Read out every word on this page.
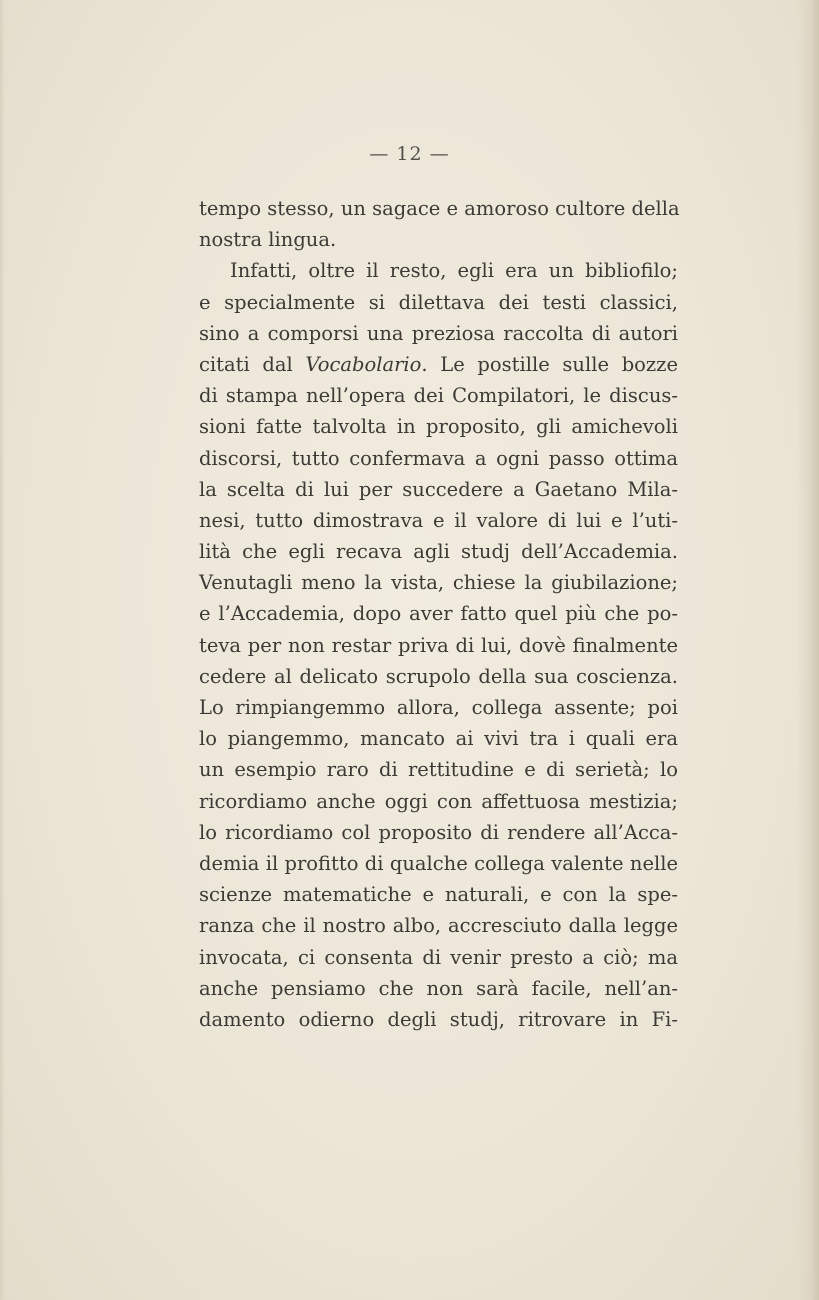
— 12 —
tempo stesso, un sagace e amoroso cultore della
nostra lingua.
Infatti, oltre il resto, egli era un bibliofilo;
e specialmente si dilettava dei testi classici,
sino a comporsi una preziosa raccolta di autori
citati dal Vocabolario. Le postille sulle bozze
di stampa nell’opera dei Compilatori, le discus-
sioni fatte talvolta in proposito, gli amichevoli
discorsi, tutto confermava a ogni passo ottima
la scelta di lui per succedere a Gaetano Mila-
nesi, tutto dimostrava e il valore di lui e l’uti-
lità che egli recava agli studj dell’Accademia.
Venutagli meno la vista, chiese la giubilazione;
e l’Accademia, dopo aver fatto quel più che po-
teva per non restar priva di lui, dovè finalmente
cedere al delicato scrupolo della sua coscienza.
Lo rimpiangemmo allora, collega assente; poi
lo piangemmo, mancato ai vivi tra i quali era
un esempio raro di rettitudine e di serietà; lo
ricordiamo anche oggi con affettuosa mestizia;
lo ricordiamo col proposito di rendere all’Acca-
demia il profitto di qualche collega valente nelle
scienze matematiche e naturali, e con la spe-
ranza che il nostro albo, accresciuto dalla legge
invocata, ci consenta di venir presto a ciò; ma
anche pensiamo che non sarà facile, nell’an-
damento odierno degli studj, ritrovare in Fi-
